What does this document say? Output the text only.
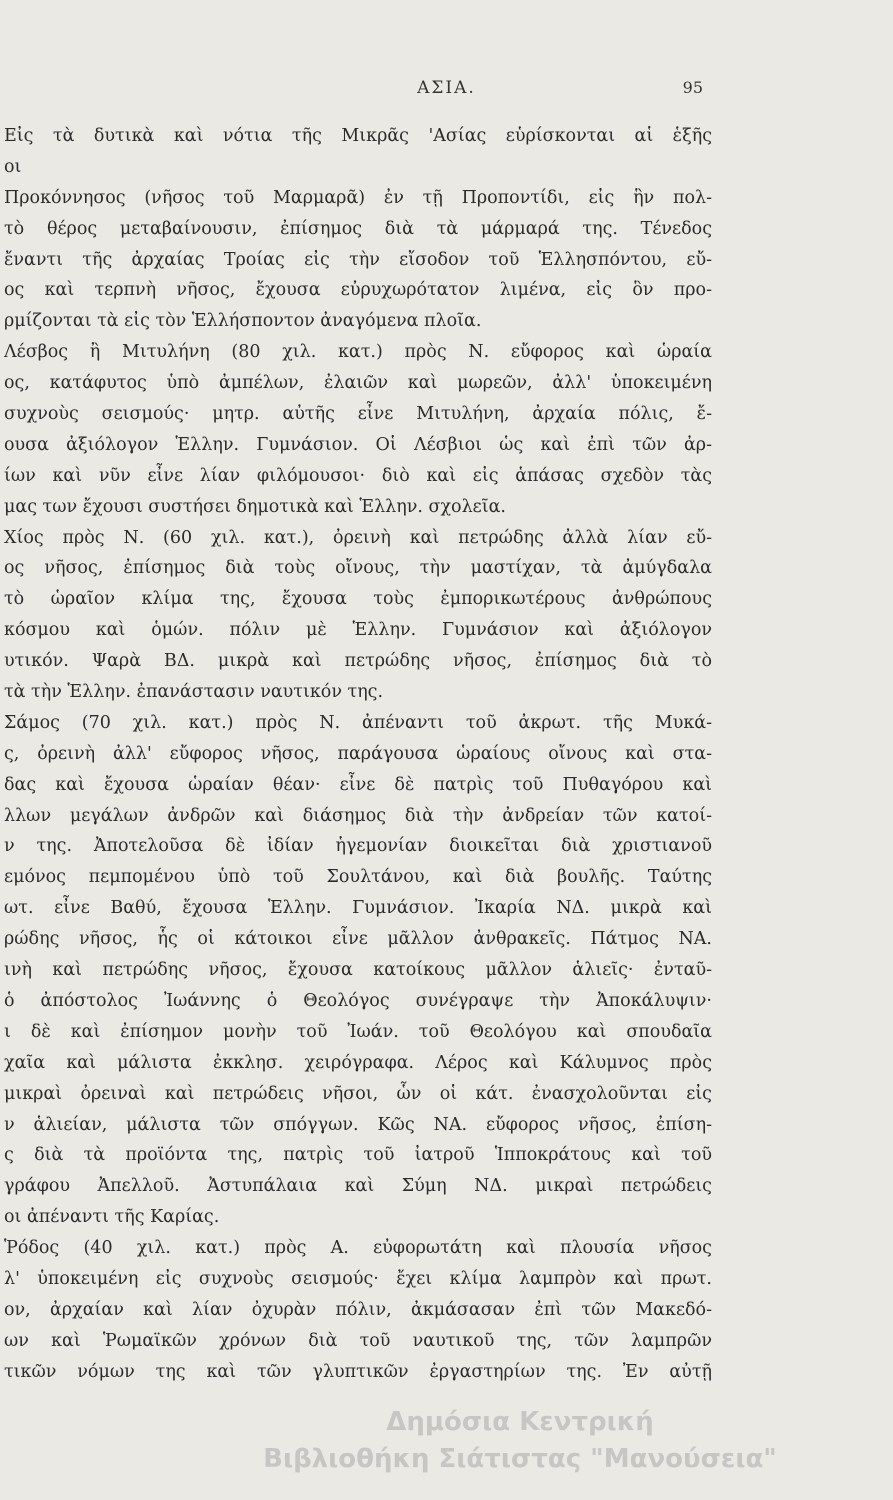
ΑΣΙΑ.	95
Εἰς τὰ δυτικὰ καὶ νότια τῆς Μικρᾶς 'Ασίας εὑρίσκονται αἱ ἑξῆς
οι
Προκόννησος (νῆσος τοῦ Μαρμαρᾶ) ἐν τῇ Προποντίδι, εἰς ἣν πολ-
τὸ θέρος μεταβαίνουσιν, ἐπίσημος διὰ τὰ μάρμαρά της. Τένεδος
ἔναντι τῆς ἀρχαίας Τροίας εἰς τὴν εἴσοδον τοῦ Ἑλλησπόντου, εὔ-
ος καὶ τερπνὴ νῆσος, ἔχουσα εὐρυχωρότατον λιμένα, εἰς ὃν προ-
ρμίζονται τὰ εἰς τὸν Ἑλλήσποντον ἀναγόμενα πλοῖα.
Λέσβος ἢ Μιτυλήνη (80 χιλ. κατ.) πρὸς Ν. εὔφορος καὶ ὡραία
ος, κατάφυτος ὑπὸ ἀμπέλων, ἐλαιῶν καὶ μωρεῶν, ἀλλ' ὑποκειμένη
συχνοὺς σεισμούς· μητρ. αὐτῆς εἶνε Μιτυλήνη, ἀρχαία πόλις, ἔ-
ουσα ἀξιόλογον Ἑλλην. Γυμνάσιον. Οἱ Λέσβιοι ὡς καὶ ἐπὶ τῶν ἀρ-
ίων καὶ νῦν εἶνε λίαν φιλόμουσοι· διὸ καὶ εἰς ἁπάσας σχεδὸν τὰς
μας των ἔχουσι συστήσει δημοτικὰ καὶ Ἑλλην. σχολεῖα.
Χίος πρὸς Ν. (60 χιλ. κατ.), ὀρεινὴ καὶ πετρώδης ἀλλὰ λίαν εὔ-
ος νῆσος, ἐπίσημος διὰ τοὺς οἴνους, τὴν μαστίχαν, τὰ ἀμύγδαλα
τὸ ὡραῖον κλίμα της, ἔχουσα τοὺς ἐμπορικωτέρους ἀνθρώπους
κόσμου καὶ ὁμών. πόλιν μὲ Ἑλλην. Γυμνάσιον καὶ ἀξιόλογον
υτικόν. Ψαρὰ ΒΔ. μικρὰ καὶ πετρώδης νῆσος, ἐπίσημος διὰ τὸ
τὰ τὴν Ἑλλην. ἐπανάστασιν ναυτικόν της.
Σάμος (70 χιλ. κατ.) πρὸς Ν. ἀπέναντι τοῦ ἀκρωτ. τῆς Μυκά-
ς, ὀρεινὴ ἀλλ' εὔφορος νῆσος, παράγουσα ὡραίους οἴνους καὶ στα-
δας καὶ ἔχουσα ὡραίαν θέαν· εἶνε δὲ πατρὶς τοῦ Πυθαγόρου καὶ
λλων μεγάλων ἀνδρῶν καὶ διάσημος διὰ τὴν ἀνδρείαν τῶν κατοί-
ν της. Ἀποτελοῦσα δὲ ἰδίαν ἡγεμονίαν διοικεῖται διὰ χριστιανοῦ
εμόνος πεμπομένου ὑπὸ τοῦ Σουλτάνου, καὶ διὰ βουλῆς. Ταύτης
ωτ. εἶνε Βαθύ, ἔχουσα Ἑλλην. Γυμνάσιον. Ἰκαρία ΝΔ. μικρὰ καὶ
ρώδης νῆσος, ἧς οἱ κάτοικοι εἶνε μᾶλλον ἀνθρακεῖς. Πάτμος ΝΑ.
ινὴ καὶ πετρώδης νῆσος, ἔχουσα κατοίκους μᾶλλον ἁλιεῖς· ἐνταῦ-
ὁ ἀπόστολος Ἰωάννης ὁ Θεολόγος συνέγραψε τὴν Ἀποκάλυψιν·
ι δὲ καὶ ἐπίσημον μονὴν τοῦ Ἰωάν. τοῦ Θεολόγου καὶ σπουδαῖα
χαῖα καὶ μάλιστα ἐκκλησ. χειρόγραφα. Λέρος καὶ Κάλυμνος πρὸς
μικραὶ ὀρειναὶ καὶ πετρώδεις νῆσοι, ὧν οἱ κάτ. ἐνασχολοῦνται εἰς
ν ἁλιείαν, μάλιστα τῶν σπόγγων. Κῶς ΝΑ. εὔφορος νῆσος, ἐπίση-
ς διὰ τὰ προϊόντα της, πατρὶς τοῦ ἰατροῦ Ἱπποκράτους καὶ τοῦ
γράφου Ἀπελλοῦ. Ἀστυπάλαια καὶ Σύμη ΝΔ. μικραὶ πετρώδεις
οι ἀπέναντι τῆς Καρίας.
Ῥόδος (40 χιλ. κατ.) πρὸς Α. εὐφορωτάτη καὶ πλουσία νῆσος
λ' ὑποκειμένη εἰς συχνοὺς σεισμούς· ἔχει κλίμα λαμπρὸν καὶ πρωτ.
ον, ἀρχαίαν καὶ λίαν ὀχυρὰν πόλιν, ἀκμάσασαν ἐπὶ τῶν Μακεδό-
ων καὶ Ῥωμαϊκῶν χρόνων διὰ τοῦ ναυτικοῦ της, τῶν λαμπρῶν
τικῶν νόμων της καὶ τῶν γλυπτικῶν ἐργαστηρίων της. Ἐν αὐτῇ
Δημόσια Κεντρική
Βιβλιοθήκη Σιάτιστας "Μανούσεια"
